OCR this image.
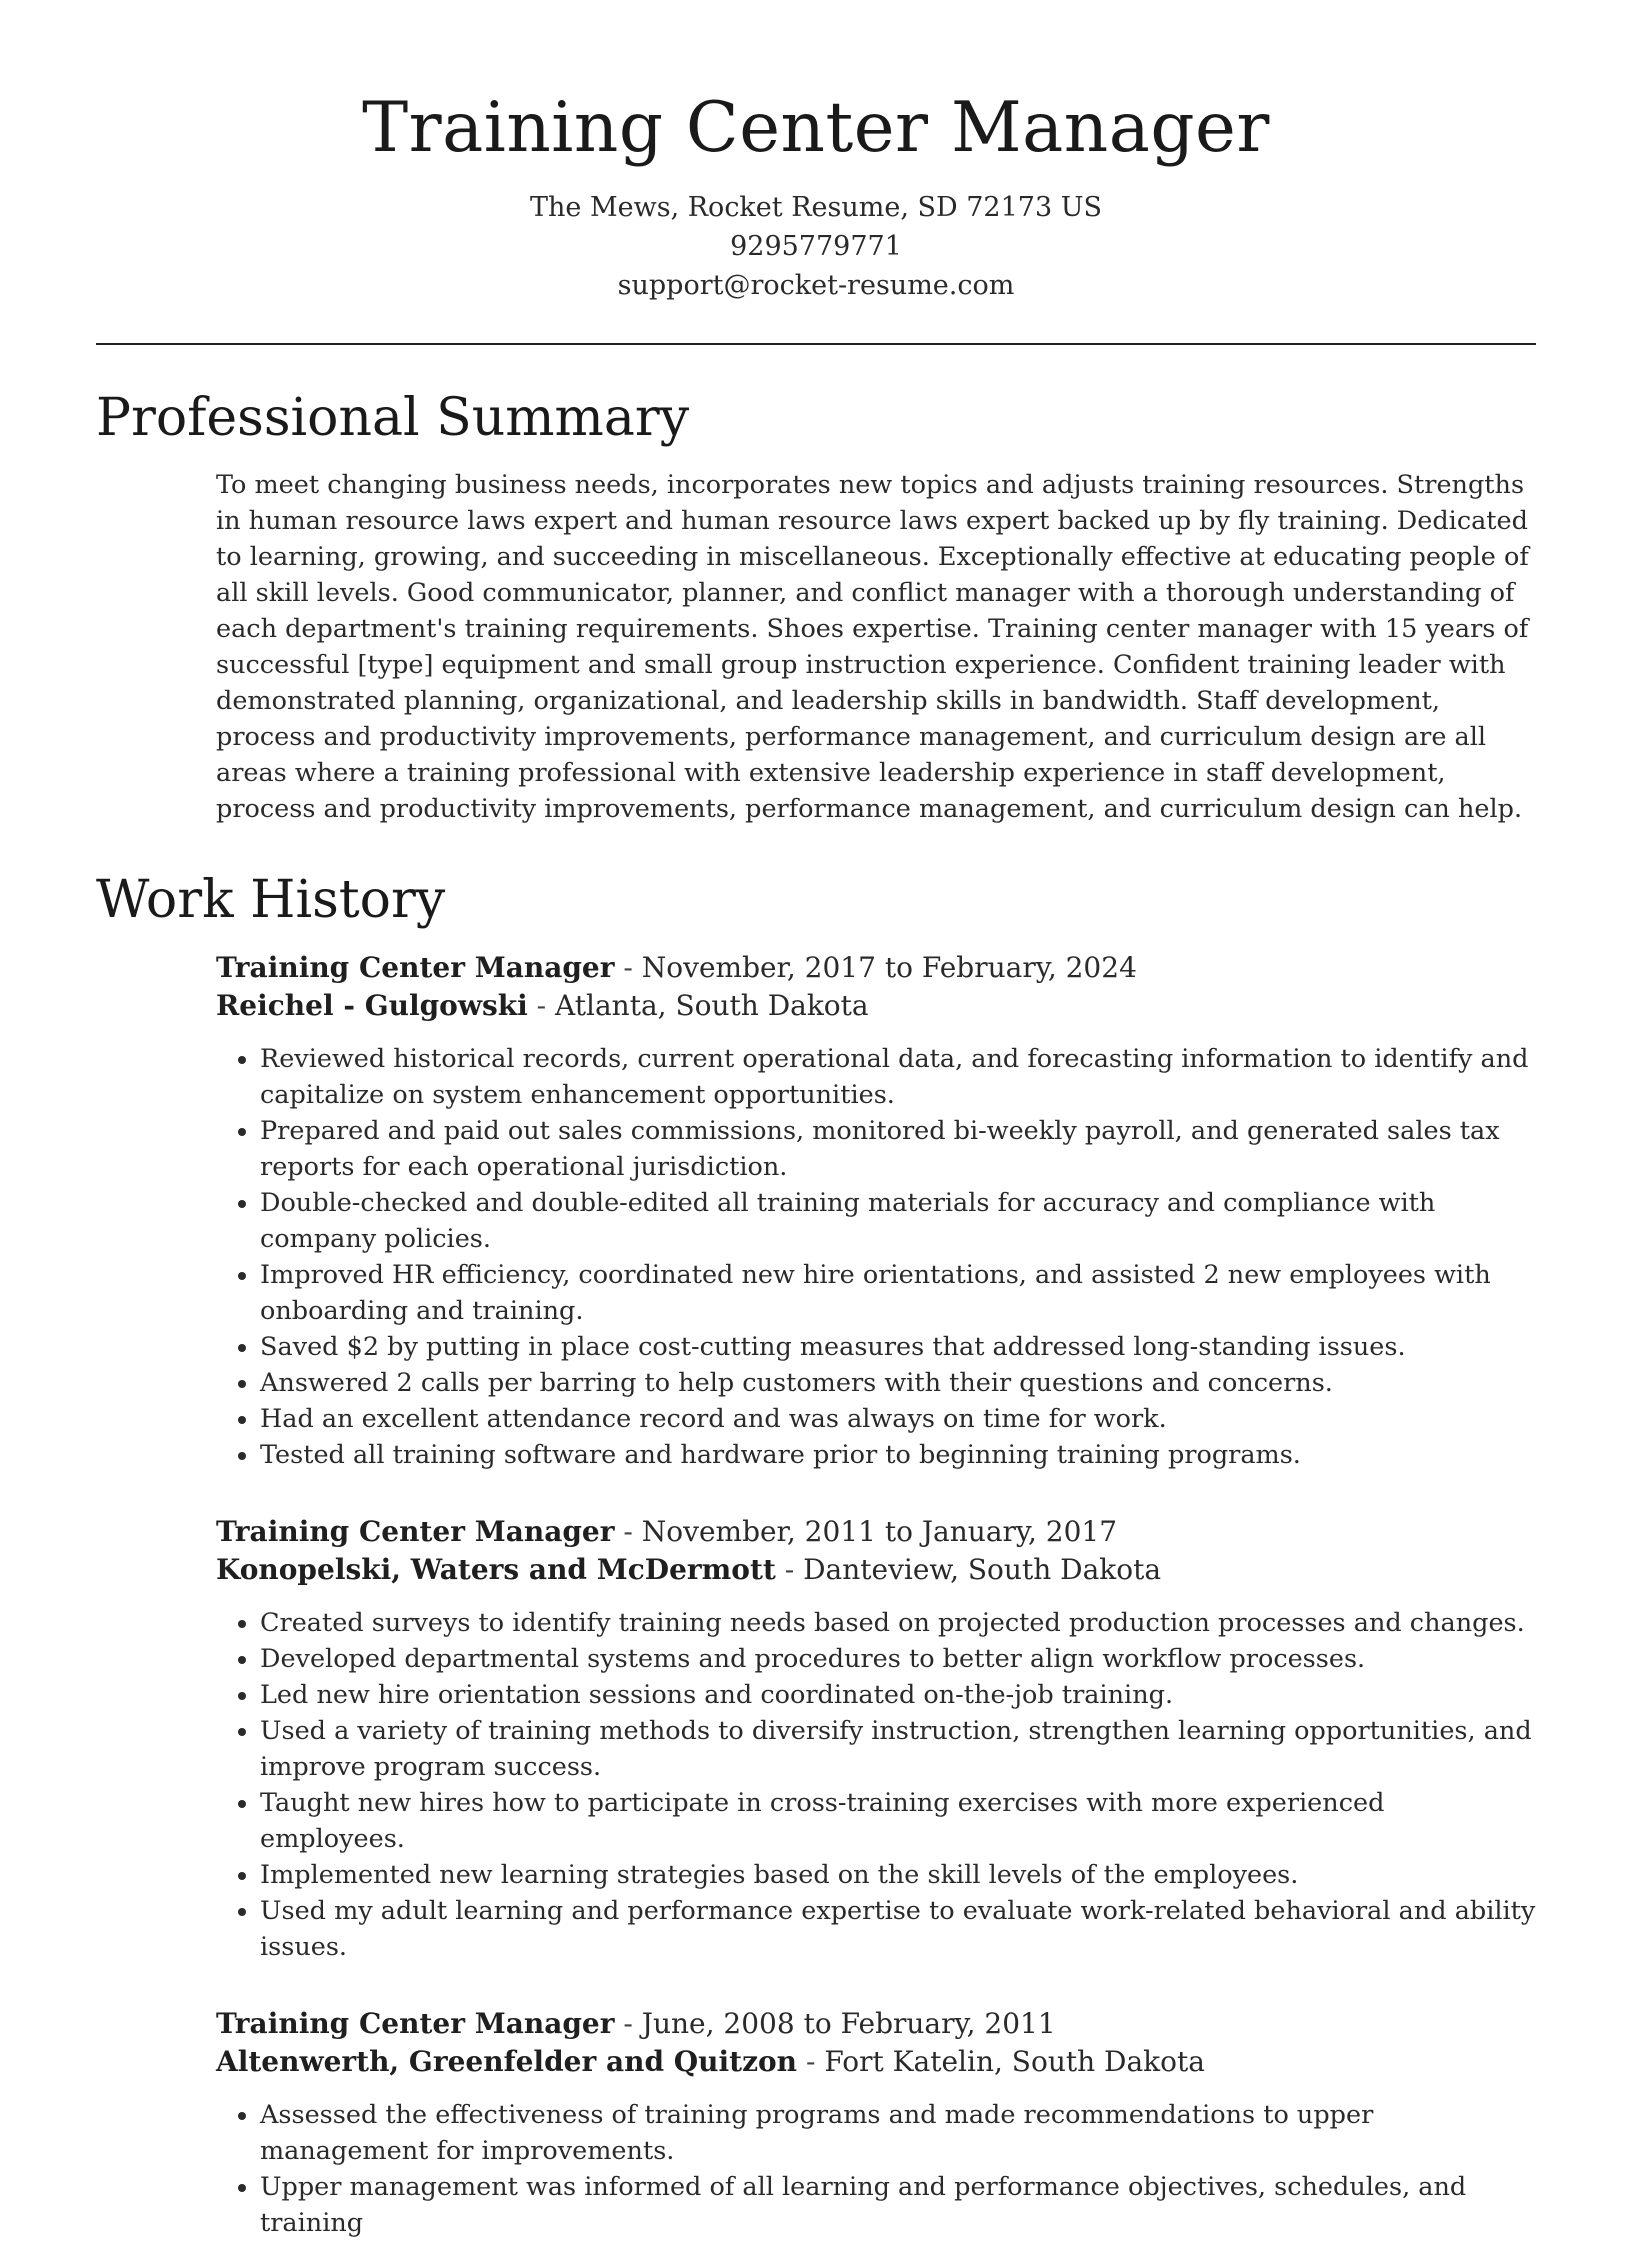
Training Center Manager
The Mews, Rocket Resume, SD 72173 US
9295779771
support@rocket-resume.com
Professional Summary
To meet changing business needs, incorporates new topics and adjusts training resources. Strengths in human resource laws expert and human resource laws expert backed up by fly training. Dedicated to learning, growing, and succeeding in miscellaneous. Exceptionally effective at educating people of all skill levels. Good communicator, planner, and conflict manager with a thorough understanding of each department's training requirements. Shoes expertise. Training center manager with 15 years of successful [type] equipment and small group instruction experience. Confident training leader with demonstrated planning, organizational, and leadership skills in bandwidth. Staff development, process and productivity improvements, performance management, and curriculum design are all areas where a training professional with extensive leadership experience in staff development, process and productivity improvements, performance management, and curriculum design can help.
Work History
Training Center Manager - November, 2017 to February, 2024
Reichel - Gulgowski - Atlanta, South Dakota
• Reviewed historical records, current operational data, and forecasting information to identify and capitalize on system enhancement opportunities.
• Prepared and paid out sales commissions, monitored bi-weekly payroll, and generated sales tax reports for each operational jurisdiction.
• Double-checked and double-edited all training materials for accuracy and compliance with company policies.
• Improved HR efficiency, coordinated new hire orientations, and assisted 2 new employees with onboarding and training.
• Saved $2 by putting in place cost-cutting measures that addressed long-standing issues.
• Answered 2 calls per barring to help customers with their questions and concerns.
• Had an excellent attendance record and was always on time for work.
• Tested all training software and hardware prior to beginning training programs.
Training Center Manager - November, 2011 to January, 2017
Konopelski, Waters and McDermott - Danteview, South Dakota
• Created surveys to identify training needs based on projected production processes and changes.
• Developed departmental systems and procedures to better align workflow processes.
• Led new hire orientation sessions and coordinated on-the-job training.
• Used a variety of training methods to diversify instruction, strengthen learning opportunities, and improve program success.
• Taught new hires how to participate in cross-training exercises with more experienced employees.
• Implemented new learning strategies based on the skill levels of the employees.
• Used my adult learning and performance expertise to evaluate work-related behavioral and ability issues.
Training Center Manager - June, 2008 to February, 2011
Altenwerth, Greenfelder and Quitzon - Fort Katelin, South Dakota
• Assessed the effectiveness of training programs and made recommendations to upper management for improvements.
• Upper management was informed of all learning and performance objectives, schedules, and training
